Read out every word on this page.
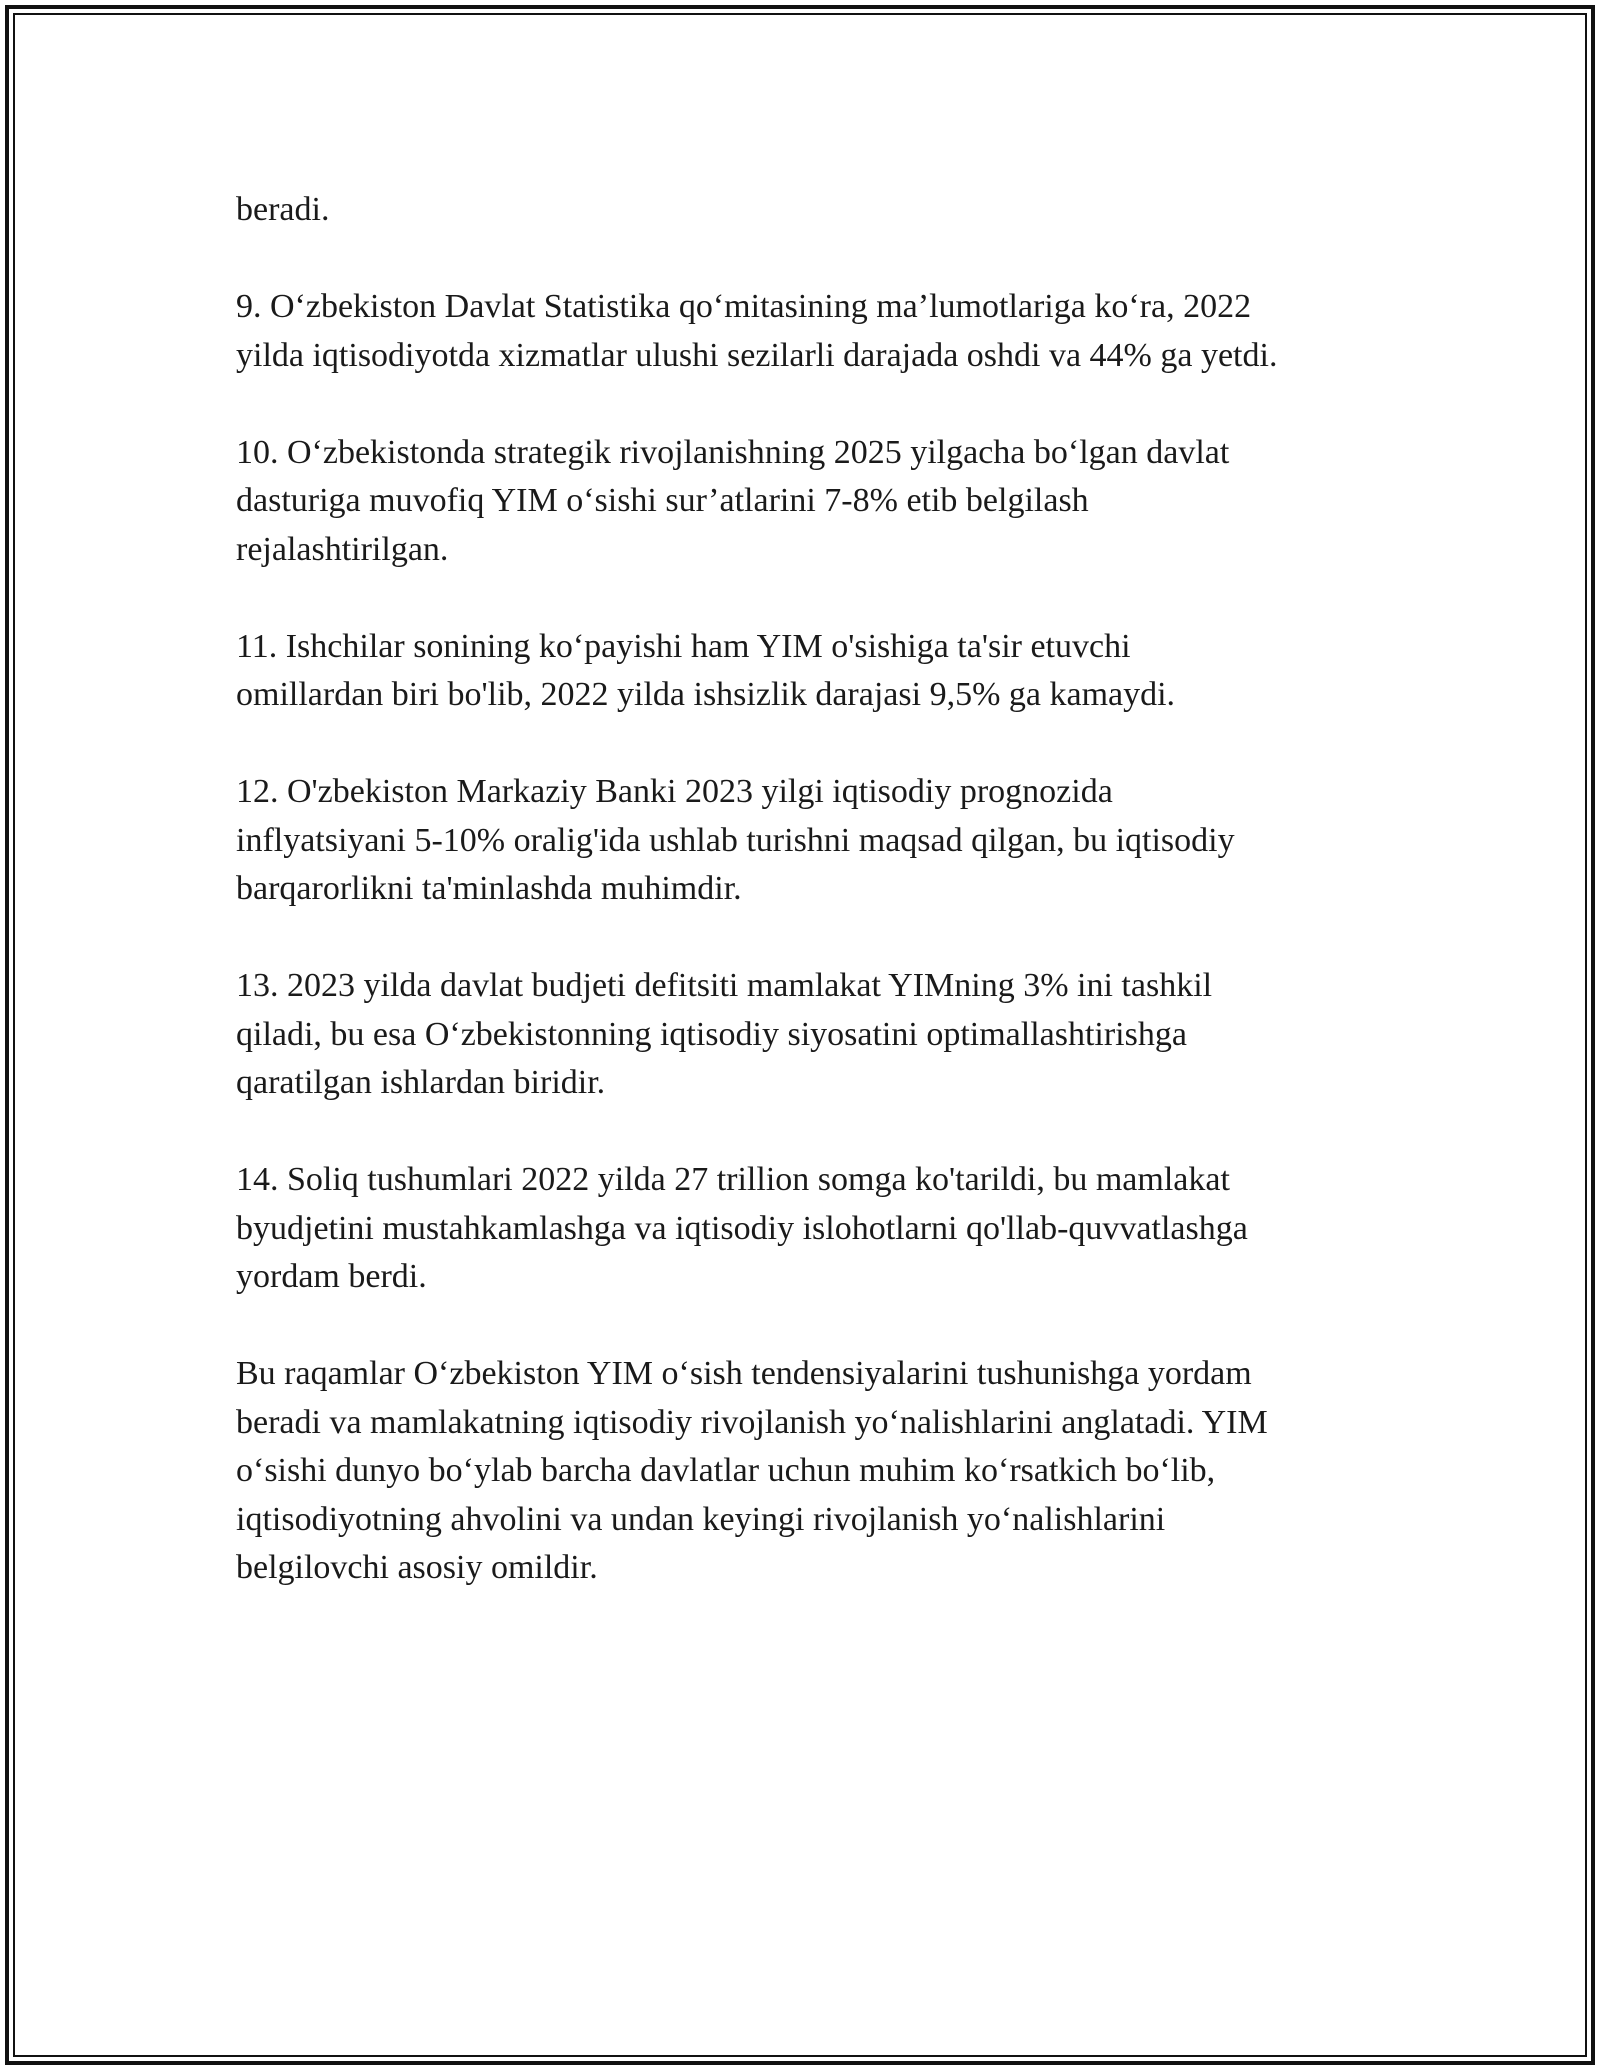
beradi.

9. O‘zbekiston Davlat Statistika qo‘mitasining ma’lumotlariga ko‘ra, 2022
yilda iqtisodiyotda xizmatlar ulushi sezilarli darajada oshdi va 44% ga yetdi.

10. O‘zbekistonda strategik rivojlanishning 2025 yilgacha bo‘lgan davlat
dasturiga muvofiq YIM o‘sishi sur’atlarini 7-8% etib belgilash
rejalashtirilgan.

11. Ishchilar sonining ko‘payishi ham YIM o'sishiga ta'sir etuvchi
omillardan biri bo'lib, 2022 yilda ishsizlik darajasi 9,5% ga kamaydi.

12. O'zbekiston Markaziy Banki 2023 yilgi iqtisodiy prognozida
inflyatsiyani 5-10% oralig'ida ushlab turishni maqsad qilgan, bu iqtisodiy
barqarorlikni ta'minlashda muhimdir.

13. 2023 yilda davlat budjeti defitsiti mamlakat YIMning 3% ini tashkil
qiladi, bu esa O‘zbekistonning iqtisodiy siyosatini optimallashtirishga
qaratilgan ishlardan biridir.

14. Soliq tushumlari 2022 yilda 27 trillion somga ko'tarildi, bu mamlakat
byudjetini mustahkamlashga va iqtisodiy islohotlarni qo'llab-quvvatlashga
yordam berdi.

Bu raqamlar O‘zbekiston YIM o‘sish tendensiyalarini tushunishga yordam
beradi va mamlakatning iqtisodiy rivojlanish yo‘nalishlarini anglatadi. YIM
o‘sishi dunyo bo‘ylab barcha davlatlar uchun muhim ko‘rsatkich bo‘lib,
iqtisodiyotning ahvolini va undan keyingi rivojlanish yo‘nalishlarini
belgilovchi asosiy omildir.
